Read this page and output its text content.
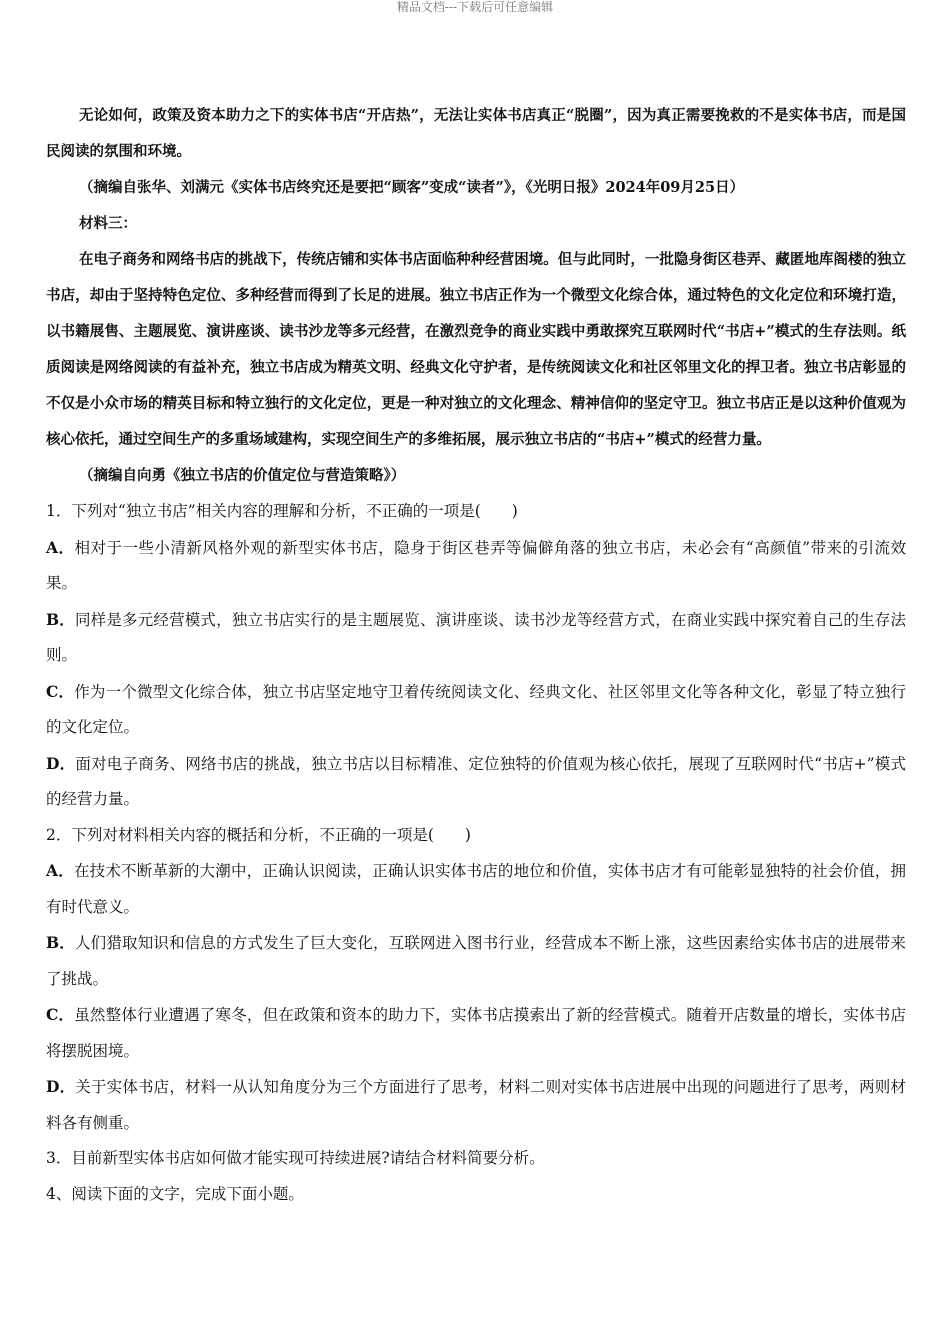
精品文档---下载后可任意编辑

无论如何，政策及资本助力之下的实体书店“开店热”，无法让实体书店真正“脱圈”，因为真正需要挽救的不是实体书店，而是国民阅读的氛围和环境。

（摘编自张华、刘满元《实体书店终究还是要把“顾客”变成“读者”》，《光明日报》2024年09月25日）

材料三：

在电子商务和网络书店的挑战下，传统店铺和实体书店面临种种经营困境。但与此同时，一批隐身街区巷弄、藏匿地库阁楼的独立书店，却由于坚持特色定位、多种经营而得到了长足的进展。独立书店正作为一个微型文化综合体，通过特色的文化定位和环境打造，以书籍展售、主题展览、演讲座谈、读书沙龙等多元经营，在激烈竞争的商业实践中勇敢探究互联网时代“书店+”模式的生存法则。纸质阅读是网络阅读的有益补充，独立书店成为精英文明、经典文化守护者，是传统阅读文化和社区邻里文化的捍卫者。独立书店彰显的不仅是小众市场的精英目标和特立独行的文化定位，更是一种对独立的文化理念、精神信仰的坚定守卫。独立书店正是以这种价值观为核心依托，通过空间生产的多重场域建构，实现空间生产的多维拓展，展示独立书店的“书店+”模式的经营力量。

（摘编自向勇《独立书店的价值定位与营造策略》）

1．下列对“独立书店”相关内容的理解和分析，不正确的一项是(　　)

A．相对于一些小清新风格外观的新型实体书店，隐身于街区巷弄等偏僻角落的独立书店，未必会有“高颜值”带来的引流效果。

B．同样是多元经营模式，独立书店实行的是主题展览、演讲座谈、读书沙龙等经营方式，在商业实践中探究着自己的生存法则。

C．作为一个微型文化综合体，独立书店坚定地守卫着传统阅读文化、经典文化、社区邻里文化等各种文化，彰显了特立独行的文化定位。

D．面对电子商务、网络书店的挑战，独立书店以目标精准、定位独特的价值观为核心依托，展现了互联网时代“书店+”模式的经营力量。

2．下列对材料相关内容的概括和分析，不正确的一项是(　　)

A．在技术不断革新的大潮中，正确认识阅读，正确认识实体书店的地位和价值，实体书店才有可能彰显独特的社会价值，拥有时代意义。

B．人们猎取知识和信息的方式发生了巨大变化，互联网进入图书行业，经营成本不断上涨，这些因素给实体书店的进展带来了挑战。

C．虽然整体行业遭遇了寒冬，但在政策和资本的助力下，实体书店摸索出了新的经营模式。随着开店数量的增长，实体书店将摆脱困境。

D．关于实体书店，材料一从认知角度分为三个方面进行了思考，材料二则对实体书店进展中出现的问题进行了思考，两则材料各有侧重。

3．目前新型实体书店如何做才能实现可持续进展?请结合材料简要分析。

4、阅读下面的文字，完成下面小题。
